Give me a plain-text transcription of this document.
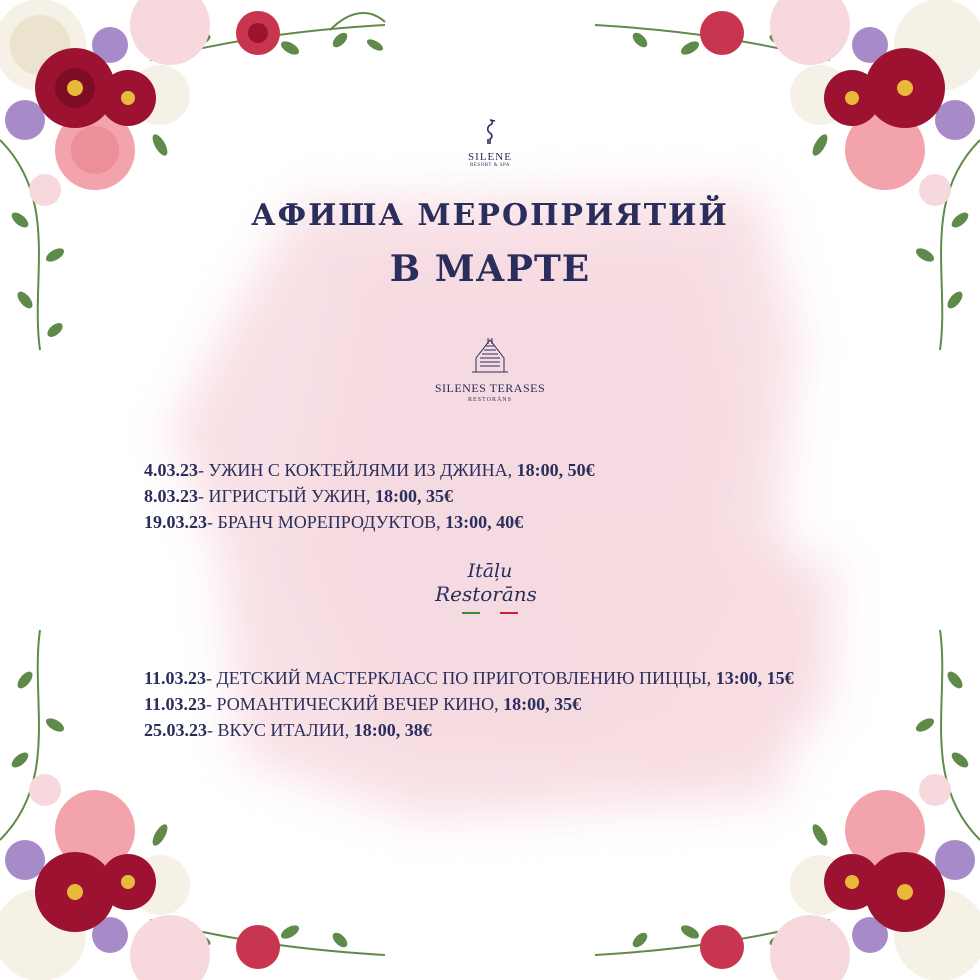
SILENE
RESORT & SPA
АФИША МЕРОПРИЯТИЙ
В МАРТЕ
SILENES TERASES
RESTORĀNS
4.03.23- УЖИН С КОКТЕЙЛЯМИ ИЗ ДЖИНА, 18:00, 50€
8.03.23- ИГРИСТЫЙ УЖИН, 18:00, 35€
19.03.23- БРАНЧ МОРЕПРОДУКТОВ, 13:00, 40€
Itāļu
Restorāns
11.03.23- ДЕТСКИЙ МАСТЕРКЛАСС ПО ПРИГОТОВЛЕНИЮ ПИЦЦЫ, 13:00, 15€
11.03.23- РОМАНТИЧЕСКИЙ ВЕЧЕР КИНО, 18:00, 35€
25.03.23- ВКУС ИТАЛИИ, 18:00, 38€
